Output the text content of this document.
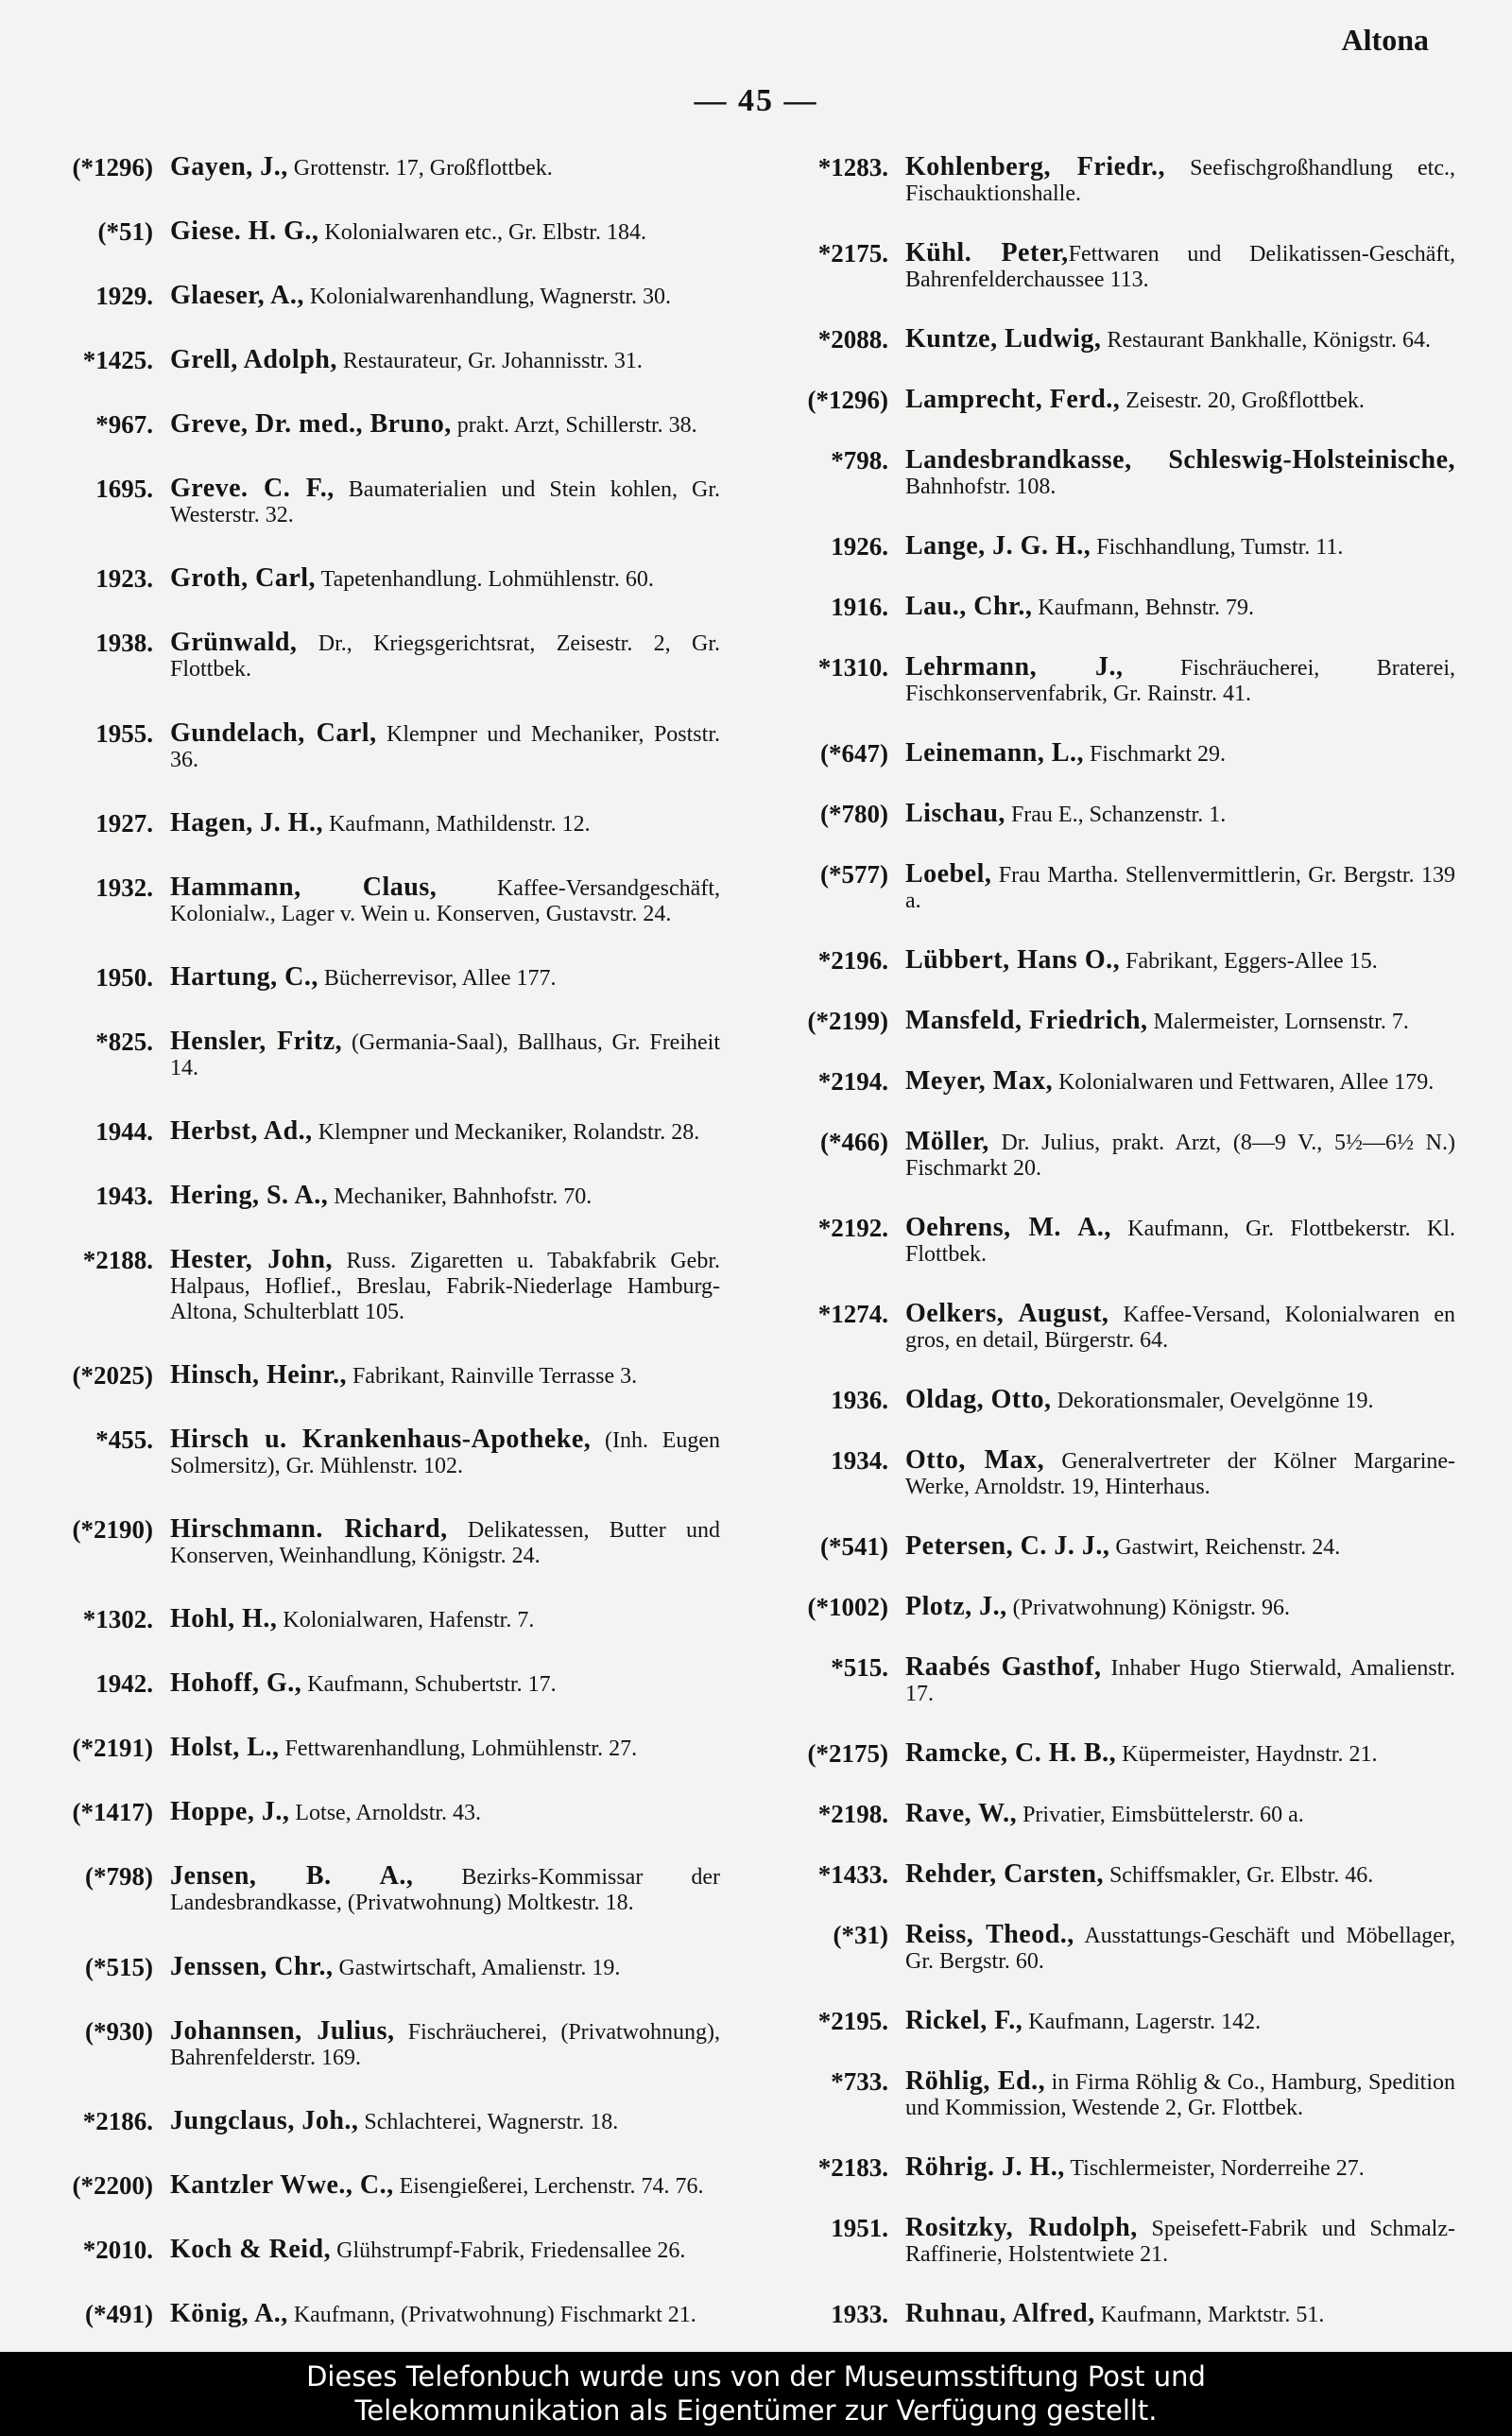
Altona
— 45 —
(*1296) Gayen, J., Grottenstr. 17, Großflottbek.
(*51) Giese. H. G., Kolonialwaren etc., Gr. Elbstr. 184.
1929. Glaeser, A., Kolonialwarenhandlung, Wagnerstr. 30.
*1425. Grell, Adolph, Restaurateur, Gr. Johannisstr. 31.
*967. Greve, Dr. med., Bruno, prakt. Arzt, Schillerstr. 38.
1695. Greve. C. F., Baumaterialien und Stein kohlen, Gr. Westerstr. 32.
1923. Groth, Carl, Tapetenhandlung. Lohmühlenstr. 60.
1938. Grünwald, Dr., Kriegsgerichtsrat, Zeisestr. 2, Gr. Flottbek.
1955. Gundelach, Carl, Klempner und Mechaniker, Poststr. 36.
1927. Hagen, J. H., Kaufmann, Mathildenstr. 12.
1932. Hammann, Claus, Kaffee-Versandgeschäft, Kolonialw., Lager v. Wein u. Konserven, Gustavstr. 24.
1950. Hartung, C., Bücherrevisor, Allee 177.
*825. Hensler, Fritz, (Germania-Saal), Ballhaus, Gr. Freiheit 14.
1944. Herbst, Ad., Klempner und Meckaniker, Rolandstr. 28.
1943. Hering, S. A., Mechaniker, Bahnhofstr. 70.
*2188. Hester, John, Russ. Zigaretten u. Tabakfabrik Gebr. Halpaus, Hoflief., Breslau, Fabrik-Niederlage Hamburg-Altona, Schulterblatt 105.
(*2025) Hinsch, Heinr., Fabrikant, Rainville Terrasse 3.
*455. Hirsch u. Krankenhaus-Apotheke, (Inh. Eugen Solmersitz), Gr. Mühlenstr. 102.
(*2190) Hirschmann. Richard, Delikatessen, Butter und Konserven, Weinhandlung, Königstr. 24.
*1302. Hohl, H., Kolonialwaren, Hafenstr. 7.
1942. Hohoff, G., Kaufmann, Schubertstr. 17.
(*2191) Holst, L., Fettwarenhandlung, Lohmühlenstr. 27.
(*1417) Hoppe, J., Lotse, Arnoldstr. 43.
(*798) Jensen, B. A., Bezirks-Kommissar der Landesbrandkasse, (Privatwohnung) Moltkestr. 18.
(*515) Jenssen, Chr., Gastwirtschaft, Amalienstr. 19.
(*930) Johannsen, Julius, Fischräucherei, (Privatwohnung), Bahrenfelderstr. 169.
*2186. Jungclaus, Joh., Schlachterei, Wagnerstr. 18.
(*2200) Kantzler Wwe., C., Eisengießerei, Lerchenstr. 74. 76.
*2010. Koch & Reid, Glühstrumpf-Fabrik, Friedensallee 26.
(*491) König, A., Kaufmann, (Privatwohnung) Fischmarkt 21.
*1283. Kohlenberg, Friedr., Seefischgroßhandlung etc., Fischauktionshalle.
*2175. Kühl. Peter,Fettwaren und Delikatissen-Geschäft, Bahrenfelderchaussee 113.
*2088. Kuntze, Ludwig, Restaurant Bankhalle, Königstr. 64.
(*1296) Lamprecht, Ferd., Zeisestr. 20, Großflottbek.
*798. Landesbrandkasse, Schleswig-Holsteinische, Bahnhofstr. 108.
1926. Lange, J. G. H., Fischhandlung, Tumstr. 11.
1916. Lau., Chr., Kaufmann, Behnstr. 79.
*1310. Lehrmann, J., Fischräucherei, Braterei, Fischkonservenfabrik, Gr. Rainstr. 41.
(*647) Leinemann, L., Fischmarkt 29.
(*780) Lischau, Frau E., Schanzenstr. 1.
(*577) Loebel, Frau Martha. Stellenvermittlerin, Gr. Bergstr. 139 a.
*2196. Lübbert, Hans O., Fabrikant, Eggers-Allee 15.
(*2199) Mansfeld, Friedrich, Malermeister, Lornsenstr. 7.
*2194. Meyer, Max, Kolonialwaren und Fettwaren, Allee 179.
(*466) Möller, Dr. Julius, prakt. Arzt, (8—9 V., 5½—6½ N.) Fischmarkt 20.
*2192. Oehrens, M. A., Kaufmann, Gr. Flottbekerstr. Kl. Flottbek.
*1274. Oelkers, August, Kaffee-Versand, Kolonialwaren en gros, en detail, Bürgerstr. 64.
1936. Oldag, Otto, Dekorationsmaler, Oevelgönne 19.
1934. Otto, Max, Generalvertreter der Kölner Margarine-Werke, Arnoldstr. 19, Hinterhaus.
(*541) Petersen, C. J. J., Gastwirt, Reichenstr. 24.
(*1002) Plotz, J., (Privatwohnung) Königstr. 96.
*515. Raabés Gasthof, Inhaber Hugo Stierwald, Amalienstr. 17.
(*2175) Ramcke, C. H. B., Küpermeister, Haydnstr. 21.
*2198. Rave, W., Privatier, Eimsbüttelerstr. 60 a.
*1433. Rehder, Carsten, Schiffsmakler, Gr. Elbstr. 46.
(*31) Reiss, Theod., Ausstattungs-Geschäft und Möbellager, Gr. Bergstr. 60.
*2195. Rickel, F., Kaufmann, Lagerstr. 142.
*733. Röhlig, Ed., in Firma Röhlig & Co., Hamburg, Spedition und Kommission, Westende 2, Gr. Flottbek.
*2183. Röhrig. J. H., Tischlermeister, Norderreihe 27.
1951. Rositzky, Rudolph, Speisefett-Fabrik und Schmalz-Raffinerie, Holstentwiete 21.
1933. Ruhnau, Alfred, Kaufmann, Marktstr. 51.
Dieses Telefonbuch wurde uns von der Museumsstiftung Post und
Telekommunikation als Eigentümer zur Verfügung gestellt.
